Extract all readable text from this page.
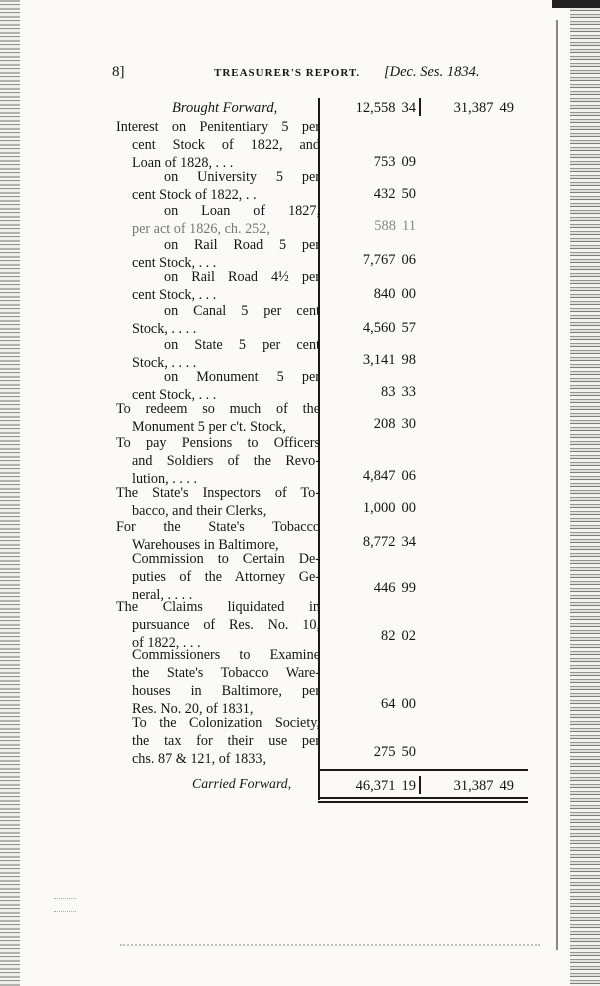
8]	TREASURER'S REPORT. [Dec. Ses. 1834.
Brought Forward,	12,558 34	31,387 49
Interest on Penitentiary 5 per
cent Stock of 1822, and
Loan of 1828, . . .	753 09
on University 5 per
cent Stock of 1822, . .	432 50
on Loan of 1827,
per act of 1826, ch. 252,	588 11
on Rail Road 5 per
cent Stock, . . .	7,767 06
on Rail Road 4½ per
cent Stock, . . .	840 00
on Canal 5 per cent
Stock, . . . .	4,560 57
on State 5 per cent
Stock, . . . .	3,141 98
on Monument 5 per
cent Stock, . . .	83 33
To redeem so much of the
Monument 5 per c't. Stock,	208 30
To pay Pensions to Officers
and Soldiers of the Revo-
lution, . . . .	4,847 06
The State's Inspectors of To-
bacco, and their Clerks,	1,000 00
For the State's Tobacco
Warehouses in Baltimore,	8,772 34
Commission to Certain De-
puties of the Attorney Ge-
neral, . . . .	446 99
The Claims liquidated in
pursuance of Res. No. 10,
of 1822, . . .	82 02
Commissioners to Examine
the State's Tobacco Ware-
houses in Baltimore, per
Res. No. 20, of 1831,	64 00
To the Colonization Society,
the tax for their use per
chs. 87 & 121, of 1833,	275 50
Carried Forward,	46,371 19	31,387 49
